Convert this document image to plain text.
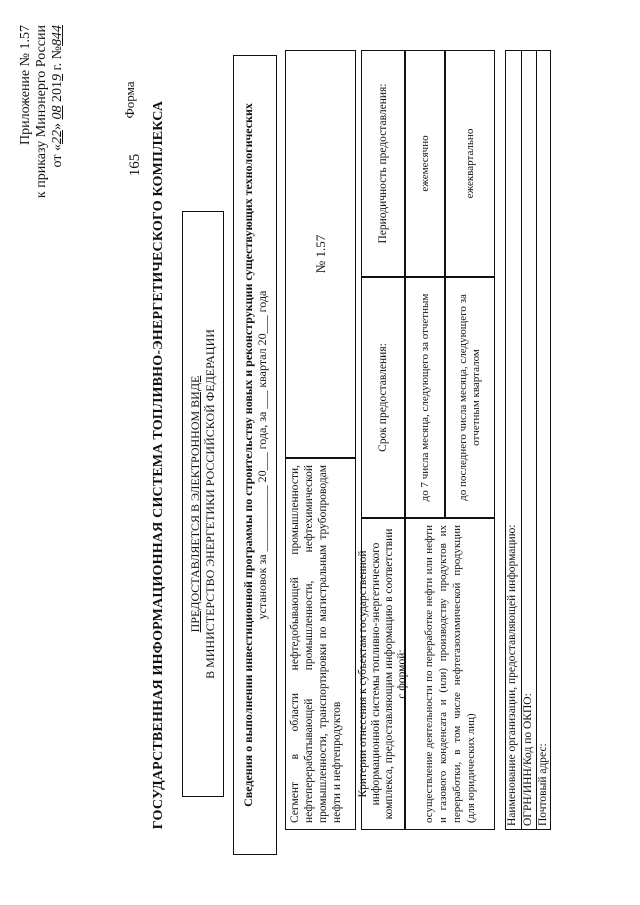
165
Приложение № 1.57 к приказу Минэнерго России от «22» 08 2019 г. №844
Форма
ГОСУДАРСТВЕННАЯ ИНФОРМАЦИОННАЯ СИСТЕМА ТОПЛИВНО-ЭНЕРГЕТИЧЕСКОГО КОМПЛЕКСА ПРЕДОСТАВЛЯЕТСЯ В ЭЛЕКТРОННОМ ВИДЕ В МИНИСТЕРСТВО ЭНЕРГЕТИКИ РОССИЙСКОЙ ФЕДЕРАЦИИ Сведения о выполнении инвестиционной программы по строительству новых и реконструкции существующих технологических установок за ___________ 20___ года, за ___ квартал 20___ года
Сегмент в области нефтедобывающей промышленности, нефтеперерабатывающей промышленности, нефтехимической промышленности, транспортировки по магистральным трубопроводам нефти и нефтепродуктов
№ 1.57
Критерии отнесения к субъектам государственной информационной системы топливно-энергетического комплекса, предоставляющим информацию в соответствии с формой:
Срок предоставления:
Периодичность предоставления:
осуществление деятельности по переработке нефти или нефти и газового конденсата и (или) производству продуктов их переработки, в том числе нефтегазохимической продукции (для юридических лиц)
до 7 числа месяца, следующего за отчетным	до последнего числа месяца, следующего за отчетным кварталом
ежемесячно	ежеквартально
Наименование организации, предоставляющей информацию: ОГРН/ИНН/Код по ОКПО: Почтовый адрес:
